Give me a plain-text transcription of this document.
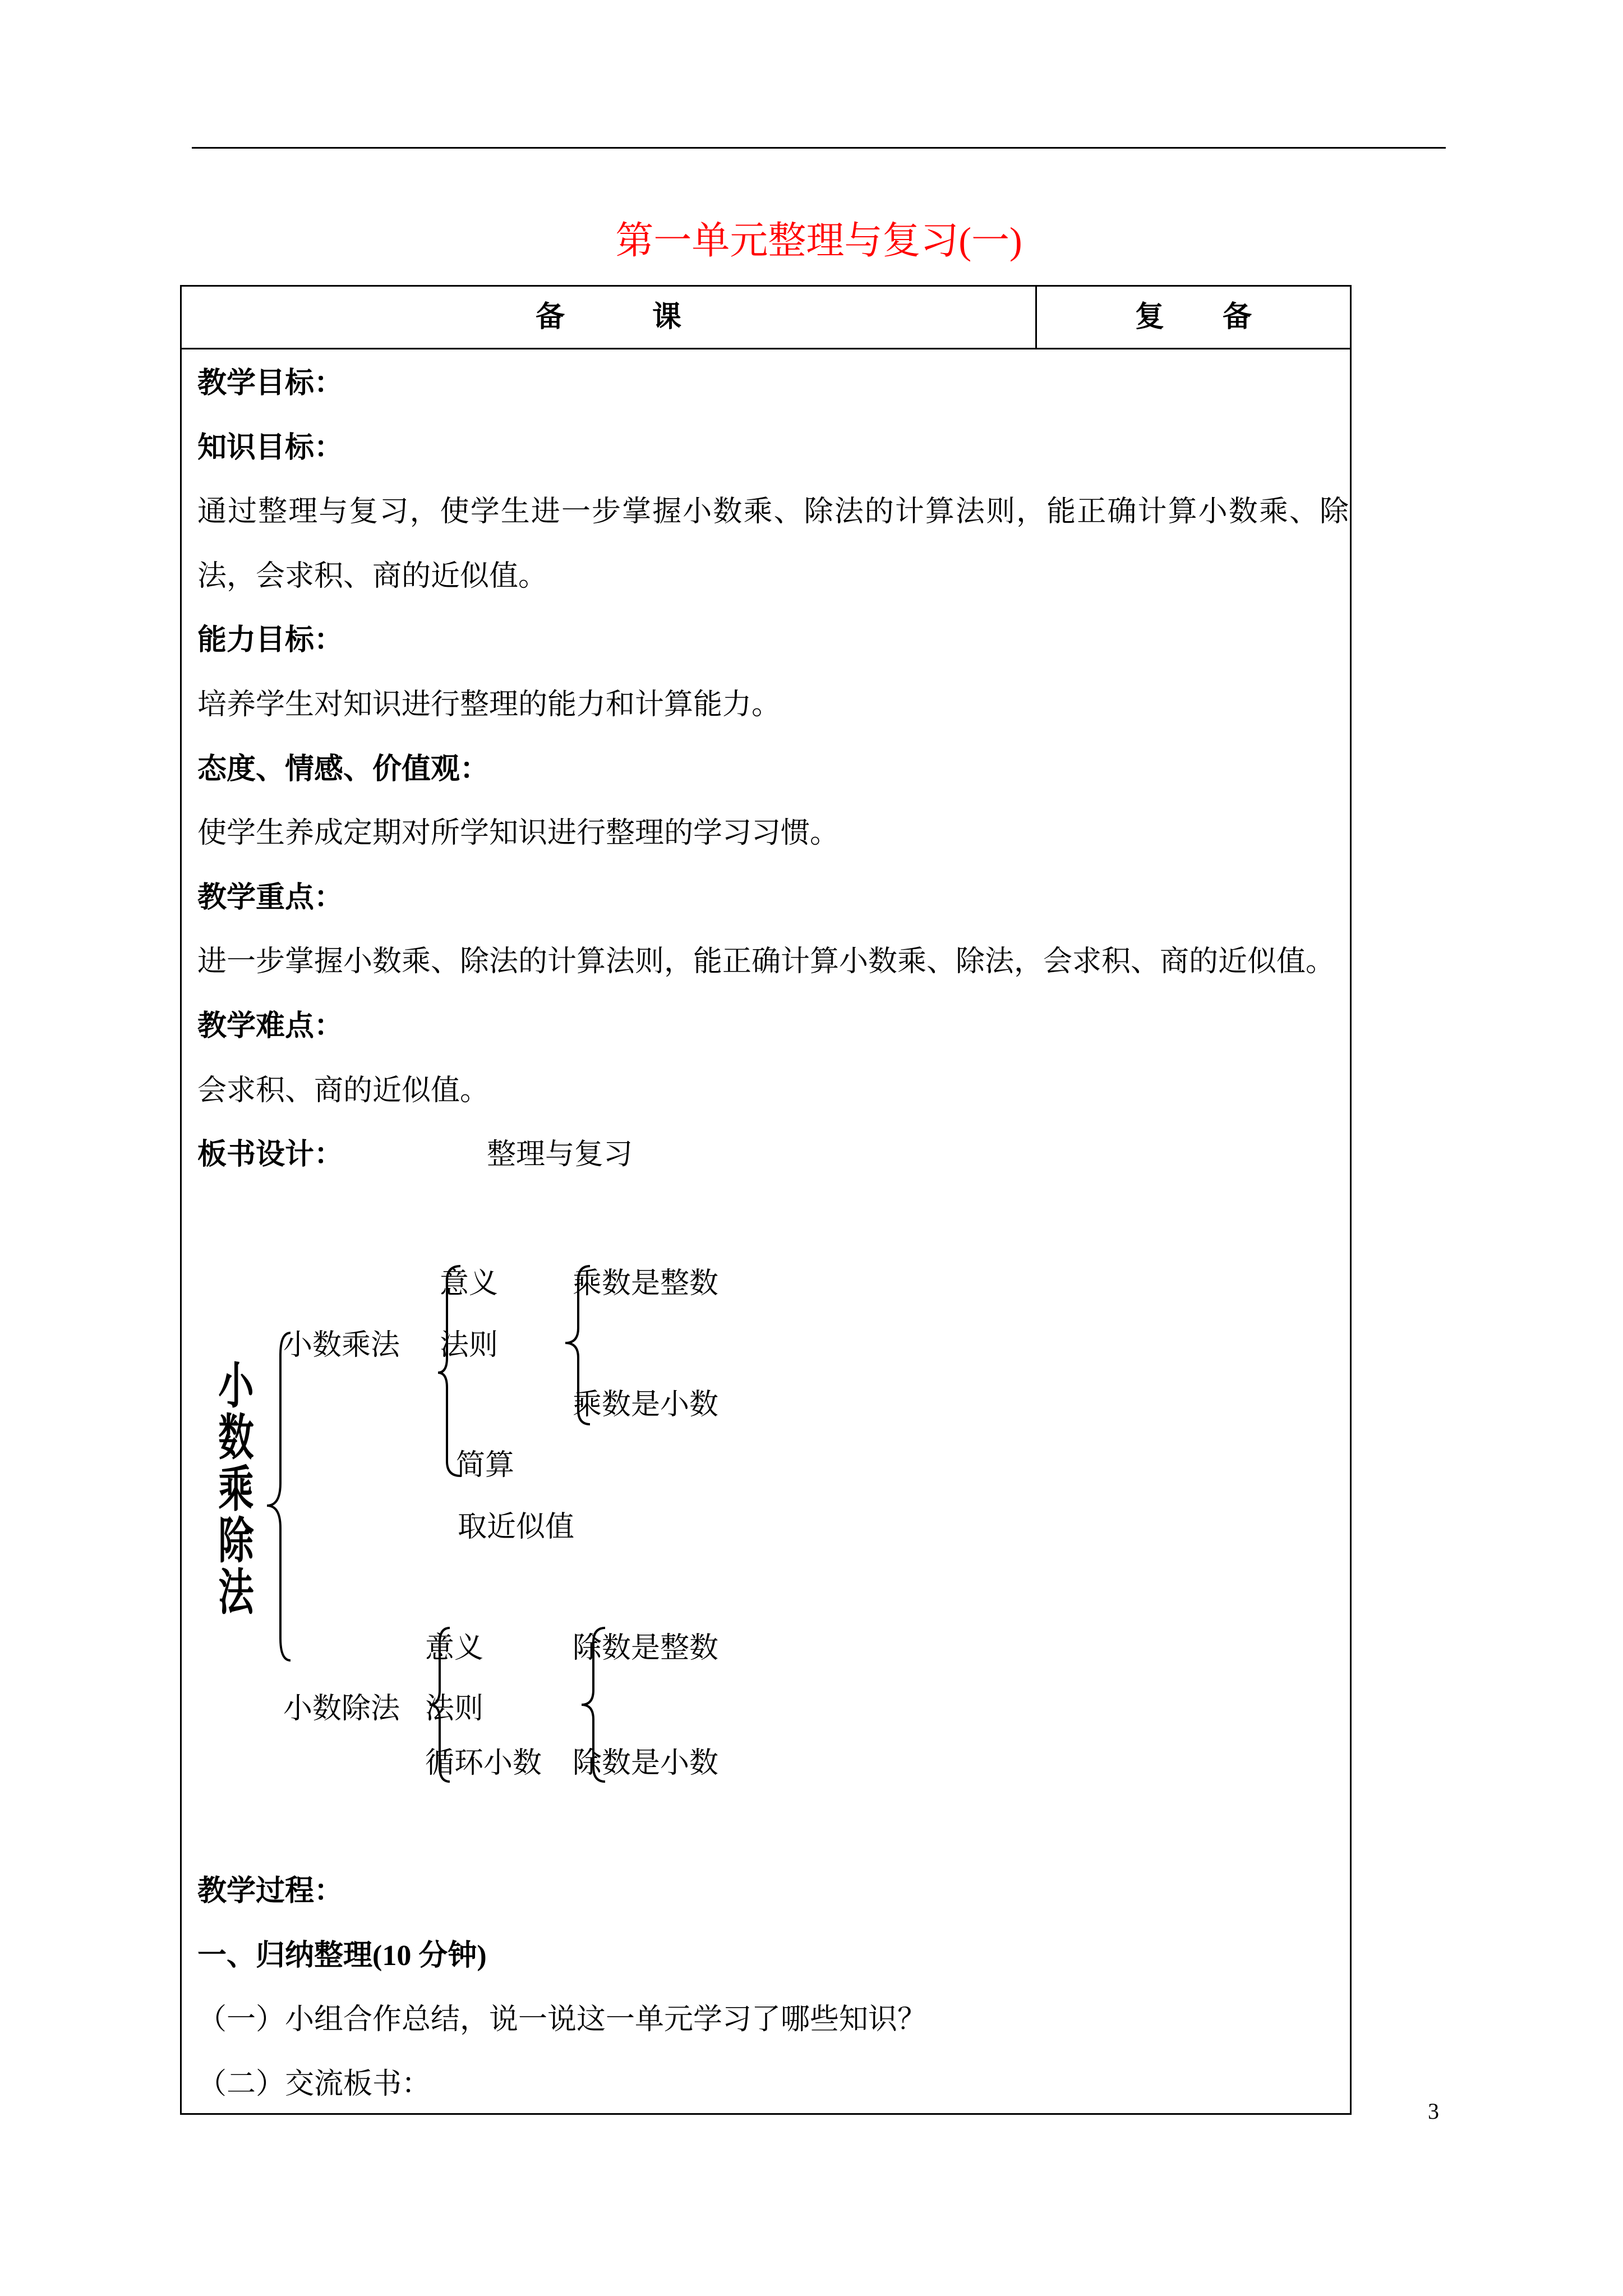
第一单元整理与复习(一)
备　　　课	复　　备
教学目标：
知识目标：
通过整理与复习，使学生进一步掌握小数乘、除法的计算法则，能正确计算小数乘、除法，会求积、商的近似值。
能力目标：
培养学生对知识进行整理的能力和计算能力。
态度、情感、价值观：
使学生养成定期对所学知识进行整理的学习习惯。
教学重点：
进一步掌握小数乘、除法的计算法则，能正确计算小数乘、除法，会求积、商的近似值。
教学难点：
会求积、商的近似值。
板书设计：	整理与复习
小数乘除法
小数乘法
意义
法则
简算
取近似值
乘数是整数
乘数是小数
小数除法
意义
法则
循环小数
除数是整数
除数是小数
教学过程：
一、归纳整理(10 分钟)
（一）小组合作总结，说一说这一单元学习了哪些知识？
（二）交流板书：
3
